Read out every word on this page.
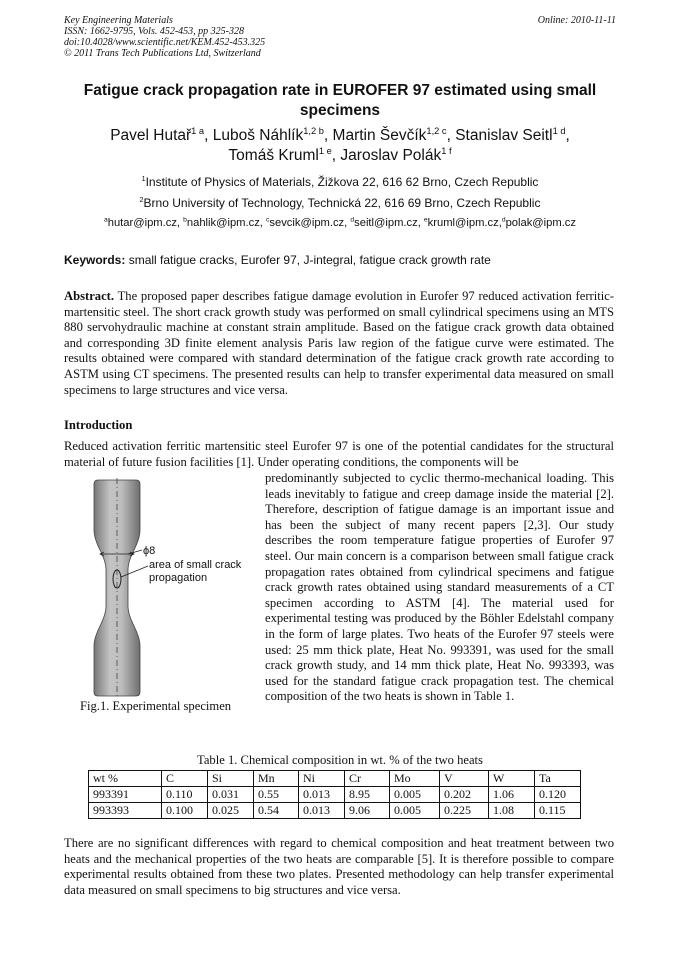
Key Engineering Materials
ISSN: 1662-9795, Vols. 452-453, pp 325-328
doi:10.4028/www.scientific.net/KEM.452-453.325
© 2011 Trans Tech Publications Ltd, Switzerland
Online: 2010-11-11
Fatigue crack propagation rate in EUROFER 97 estimated using small specimens
Pavel Hutař$^{1 a}$, Luboš Náhlík$^{1,2 b}$, Martin Ševčík$^{1,2 c}$, Stanislav Seitl$^{1 d}$,
Tomáš Kruml$^{1 e}$, Jaroslav Polák$^{1 f}$
$^1$Institute of Physics of Materials, Žižkova 22, 616 62 Brno, Czech Republic
$^2$Brno University of Technology, Technická 22, 616 69 Brno, Czech Republic
$^a$hutar@ipm.cz, $^b$nahlik@ipm.cz, $^c$sevcik@ipm.cz, $^d$seitl@ipm.cz, $^e$kruml@ipm.cz,$^d$polak@ipm.cz
Keywords: small fatigue cracks, Eurofer 97, J-integral, fatigue crack growth rate
Abstract. The proposed paper describes fatigue damage evolution in Eurofer 97 reduced activation ferritic-martensitic steel. The short crack growth study was performed on small cylindrical specimens using an MTS 880 servohydraulic machine at constant strain amplitude. Based on the fatigue crack growth data obtained and corresponding 3D finite element analysis Paris law region of the fatigue curve were estimated. The results obtained were compared with standard determination of the fatigue crack growth rate according to ASTM using CT specimens. The presented results can help to transfer experimental data measured on small specimens to large structures and vice versa.
Introduction
Reduced activation ferritic martensitic steel Eurofer 97 is one of the potential candidates for the structural material of future fusion facilities [1]. Under operating conditions, the components will be
predominantly subjected to cyclic thermo-mechanical loading. This leads inevitably to fatigue and creep damage inside the material [2]. Therefore, description of fatigue damage is an important issue and has been the subject of many recent papers [2,3]. Our study describes the room temperature fatigue properties of Eurofer 97 steel. Our main concern is a comparison between small fatigue crack propagation rates obtained from cylindrical specimens and fatigue crack growth rates obtained using standard measurements of a CT specimen according to ASTM [4]. The material used for experimental testing was produced by the Böhler Edelstahl company in the form of large plates. Two heats of the Eurofer 97 steels were used: 25 mm thick plate, Heat No. 993391, was used for the small crack growth study, and 14 mm thick plate, Heat No. 993393, was used for the standard fatigue crack propagation test. The chemical composition of the two heats is shown in Table 1.
ϕ8
area of small crack
propagation
Fig.1. Experimental specimen
Table 1. Chemical composition in wt. % of the two heats
wt %	C	Si	Mn	Ni	Cr	Mo	V	W	Ta
993391	0.110	0.031	0.55	0.013	8.95	0.005	0.202	1.06	0.120
993393	0.100	0.025	0.54	0.013	9.06	0.005	0.225	1.08	0.115
There are no significant differences with regard to chemical composition and heat treatment between two heats and the mechanical properties of the two heats are comparable [5]. It is therefore possible to compare experimental results obtained from these two plates. Presented methodology can help transfer experimental data measured on small specimens to big structures and vice versa.
